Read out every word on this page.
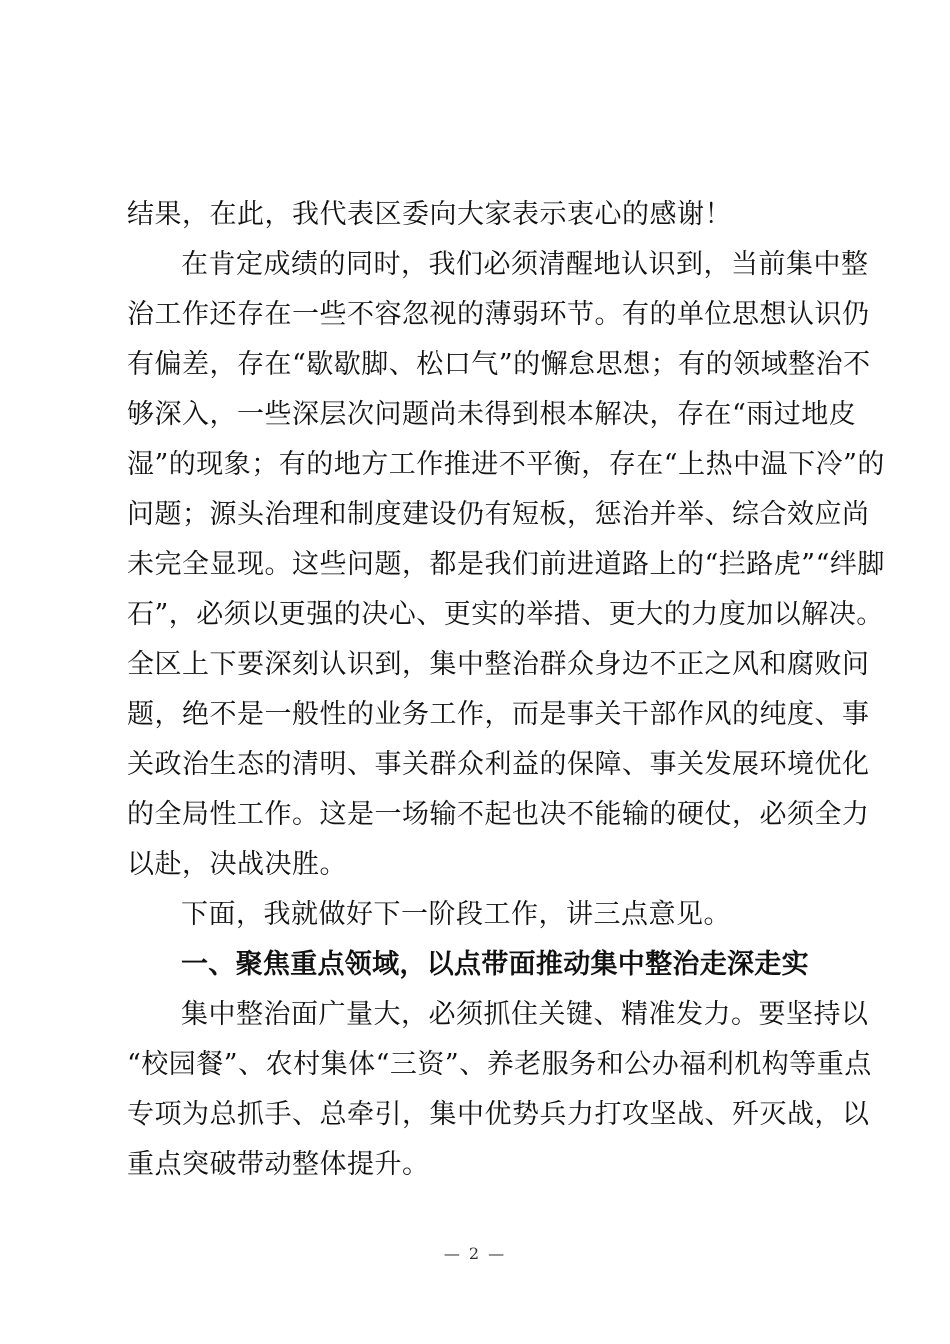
结果，在此，我代表区委向大家表示衷心的感谢！
在肯定成绩的同时，我们必须清醒地认识到，当前集中整
治工作还存在一些不容忽视的薄弱环节。有的单位思想认识仍
有偏差，存在“歇歇脚、松口气”的懈怠思想；有的领域整治不
够深入，一些深层次问题尚未得到根本解决，存在“雨过地皮
湿”的现象；有的地方工作推进不平衡，存在“上热中温下冷”的
问题；源头治理和制度建设仍有短板，惩治并举、综合效应尚
未完全显现。这些问题，都是我们前进道路上的“拦路虎”“绊脚
石”，必须以更强的决心、更实的举措、更大的力度加以解决。
全区上下要深刻认识到，集中整治群众身边不正之风和腐败问
题，绝不是一般性的业务工作，而是事关干部作风的纯度、事
关政治生态的清明、事关群众利益的保障、事关发展环境优化
的全局性工作。这是一场输不起也决不能输的硬仗，必须全力
以赴，决战决胜。
下面，我就做好下一阶段工作，讲三点意见。
一、聚焦重点领域，以点带面推动集中整治走深走实
集中整治面广量大，必须抓住关键、精准发力。要坚持以
“校园餐”、农村集体“三资”、养老服务和公办福利机构等重点
专项为总抓手、总牵引，集中优势兵力打攻坚战、歼灭战，以
重点突破带动整体提升。
— 2 —
